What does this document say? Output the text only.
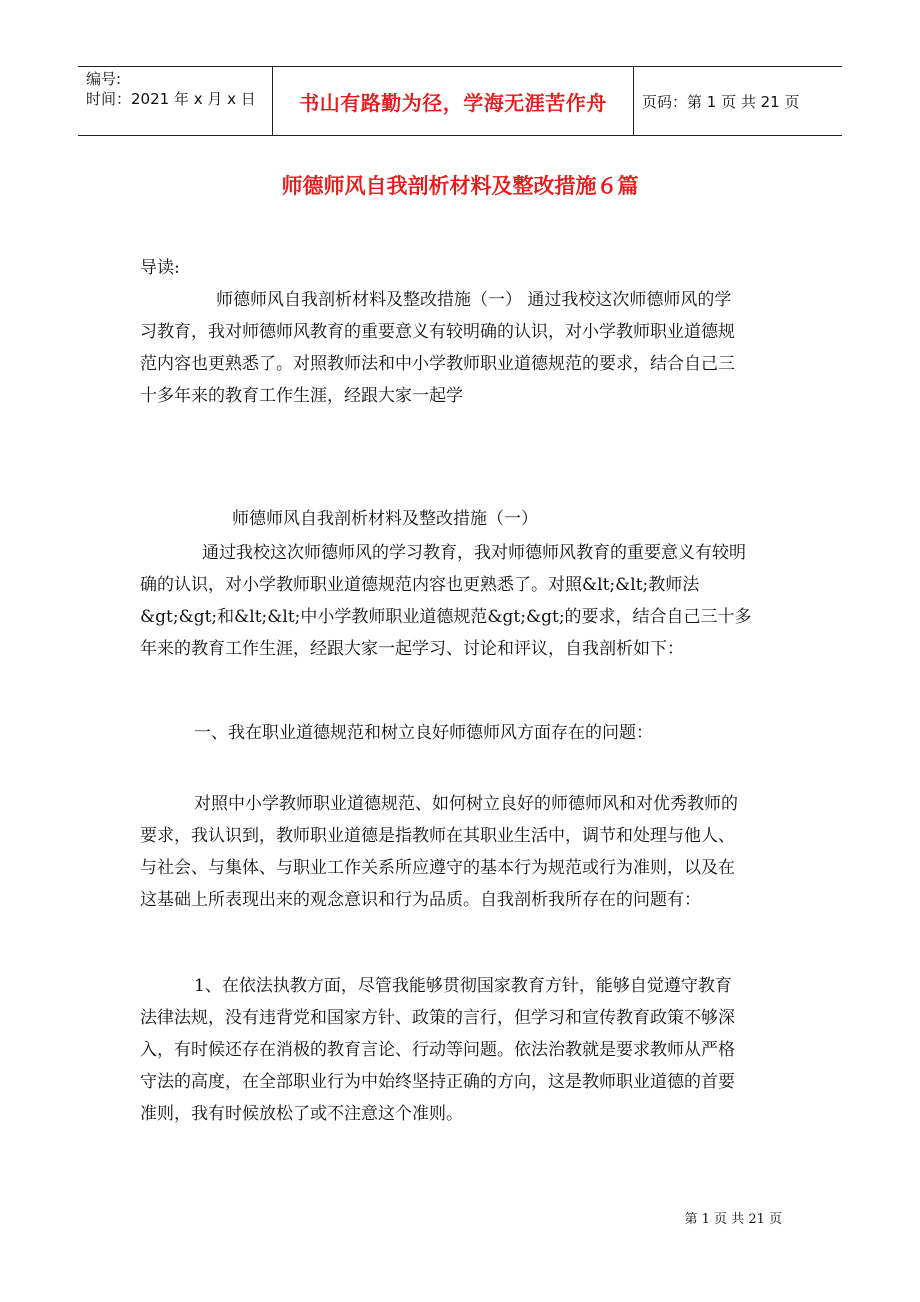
编号:
时间：2021 年 x 月 x 日	书山有路勤为径，学海无涯苦作舟	页码：第 1 页 共 21 页
师德师风自我剖析材料及整改措施６篇

导读:

师德师风自我剖析材料及整改措施（一） 通过我校这次师德师风的学
习教育，我对师德师风教育的重要意义有较明确的认识，对小学教师职业道德规
范内容也更熟悉了。对照教师法和中小学教师职业道德规范的要求，结合自己三
十多年来的教育工作生涯，经跟大家一起学

师德师风自我剖析材料及整改措施（一）

通过我校这次师德师风的学习教育，我对师德师风教育的重要意义有较明
确的认识，对小学教师职业道德规范内容也更熟悉了。对照&lt;&lt;教师法
&gt;&gt;和&lt;&lt;中小学教师职业道德规范&gt;&gt;的要求，结合自己三十多
年来的教育工作生涯，经跟大家一起学习、讨论和评议，自我剖析如下：

一、我在职业道德规范和树立良好师德师风方面存在的问题：

对照中小学教师职业道德规范、如何树立良好的师德师风和对优秀教师的
要求，我认识到，教师职业道德是指教师在其职业生活中，调节和处理与他人、
与社会、与集体、与职业工作关系所应遵守的基本行为规范或行为准则，以及在
这基础上所表现出来的观念意识和行为品质。自我剖析我所存在的问题有：

1、在依法执教方面，尽管我能够贯彻国家教育方针，能够自觉遵守教育
法律法规，没有违背党和国家方针、政策的言行，但学习和宣传教育政策不够深
入，有时候还存在消极的教育言论、行动等问题。依法治教就是要求教师从严格
守法的高度，在全部职业行为中始终坚持正确的方向，这是教师职业道德的首要
准则，我有时候放松了或不注意这个准则。

第 1 页 共 21 页
